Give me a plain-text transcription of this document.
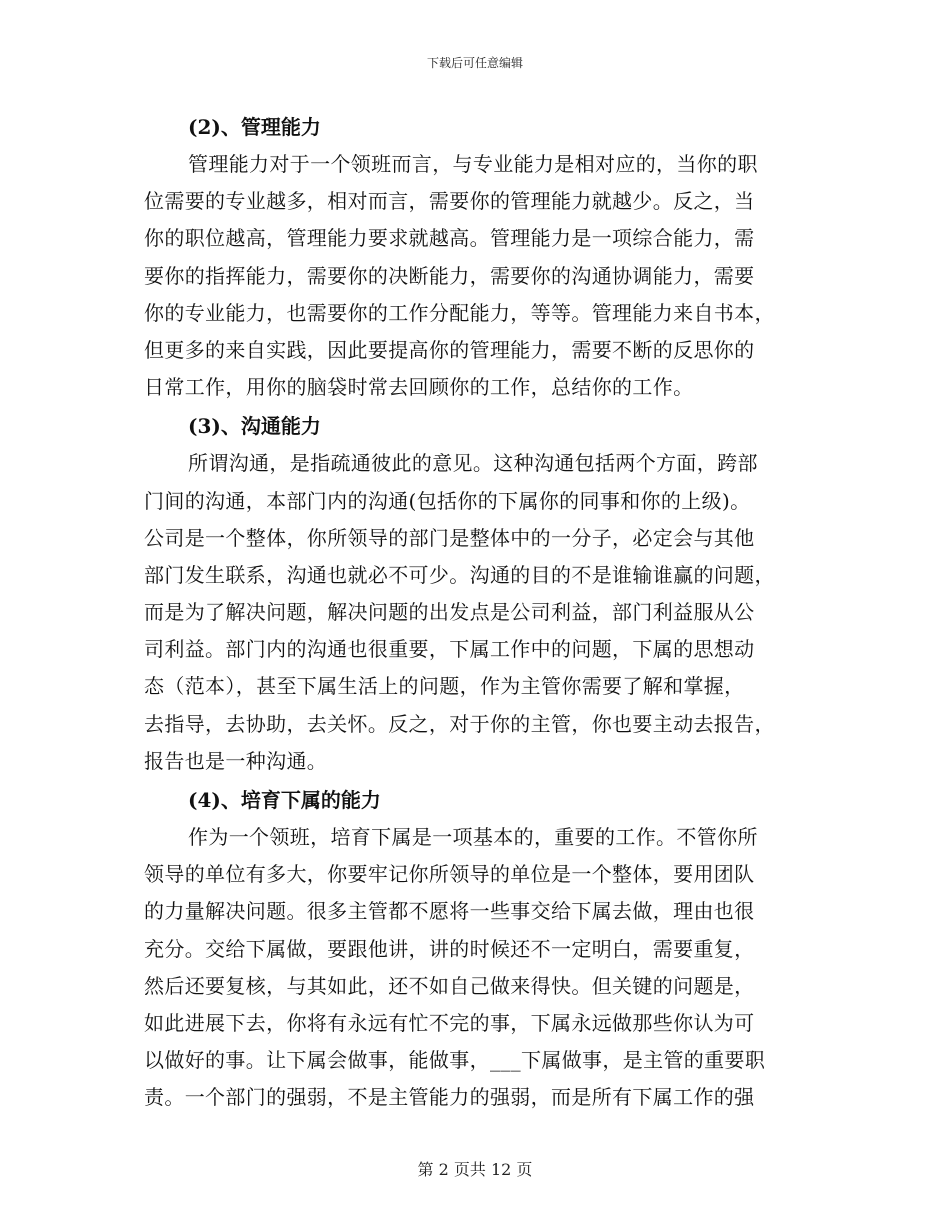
下载后可任意编辑
(2)、管理能力
管理能力对于一个领班而言，与专业能力是相对应的，当你的职
位需要的专业越多，相对而言，需要你的管理能力就越少。反之，当
你的职位越高，管理能力要求就越高。管理能力是一项综合能力，需
要你的指挥能力，需要你的决断能力，需要你的沟通协调能力，需要
你的专业能力，也需要你的工作分配能力，等等。管理能力来自书本，
但更多的来自实践，因此要提高你的管理能力，需要不断的反思你的
日常工作，用你的脑袋时常去回顾你的工作，总结你的工作。
(3)、沟通能力
所谓沟通，是指疏通彼此的意见。这种沟通包括两个方面，跨部
门间的沟通，本部门内的沟通(包括你的下属你的同事和你的上级)。
公司是一个整体，你所领导的部门是整体中的一分子，必定会与其他
部门发生联系，沟通也就必不可少。沟通的目的不是谁输谁赢的问题，
而是为了解决问题，解决问题的出发点是公司利益，部门利益服从公
司利益。部门内的沟通也很重要，下属工作中的问题，下属的思想动
态（范本），甚至下属生活上的问题，作为主管你需要了解和掌握，
去指导，去协助，去关怀。反之，对于你的主管，你也要主动去报告，
报告也是一种沟通。
(4)、培育下属的能力
作为一个领班，培育下属是一项基本的，重要的工作。不管你所
领导的单位有多大，你要牢记你所领导的单位是一个整体，要用团队
的力量解决问题。很多主管都不愿将一些事交给下属去做，理由也很
充分。交给下属做，要跟他讲，讲的时候还不一定明白，需要重复，
然后还要复核，与其如此，还不如自己做来得快。但关键的问题是，
如此进展下去，你将有永远有忙不完的事，下属永远做那些你认为可
以做好的事。让下属会做事，能做事，___下属做事，是主管的重要职
责。一个部门的强弱，不是主管能力的强弱，而是所有下属工作的强
第 2 页共 12 页
